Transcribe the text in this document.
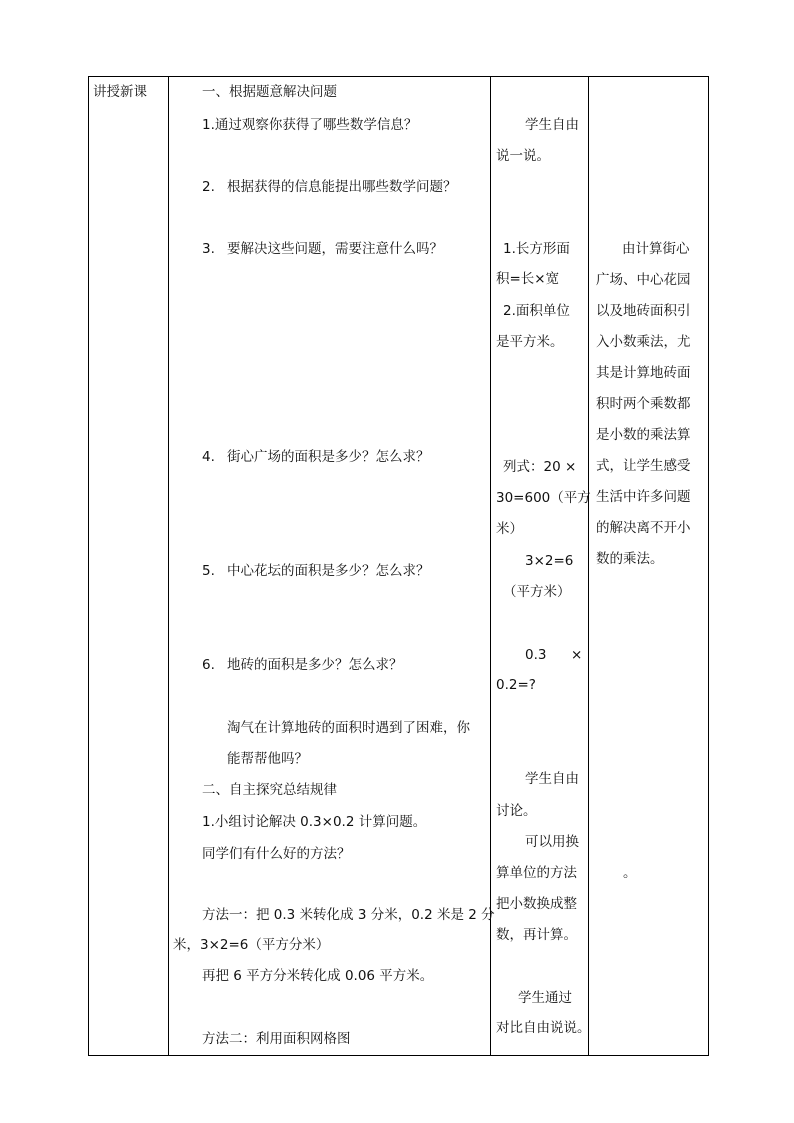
讲授新课	一、根据题意解决问题
1.通过观察你获得了哪些数学信息？
2. 根据获得的信息能提出哪些数学问题？
3. 要解决这些问题，需要注意什么吗？
4. 街心广场的面积是多少？怎么求？
5. 中心花坛的面积是多少？怎么求？
6. 地砖的面积是多少？怎么求？
淘气在计算地砖的面积时遇到了困难，你
能帮帮他吗？
二、自主探究总结规律
1.小组讨论解决 0.3×0.2 计算问题。
同学们有什么好的方法？
方法一：把 0.3 米转化成 3 分米，0.2 米是 2 分
米，3×2=6（平方分米）
再把 6 平方分米转化成 0.06 平方米。
方法二：利用面积网格图

学生自由
说一说。
1.长方形面
积=长×宽
2.面积单位
是平方米。
列式：20 ×
30=600（平方
米）
3×2=6
（平方米）
0.3 ×
0.2=?
学生自由
讨论。
可以用换
算单位的方法
把小数换成整
数，再计算。
学生通过
对比自由说说。

由计算街心
广场、中心花园
以及地砖面积引
入小数乘法，尤
其是计算地砖面
积时两个乘数都
是小数的乘法算
式，让学生感受
生活中许多问题
的解决离不开小
数的乘法。
。
